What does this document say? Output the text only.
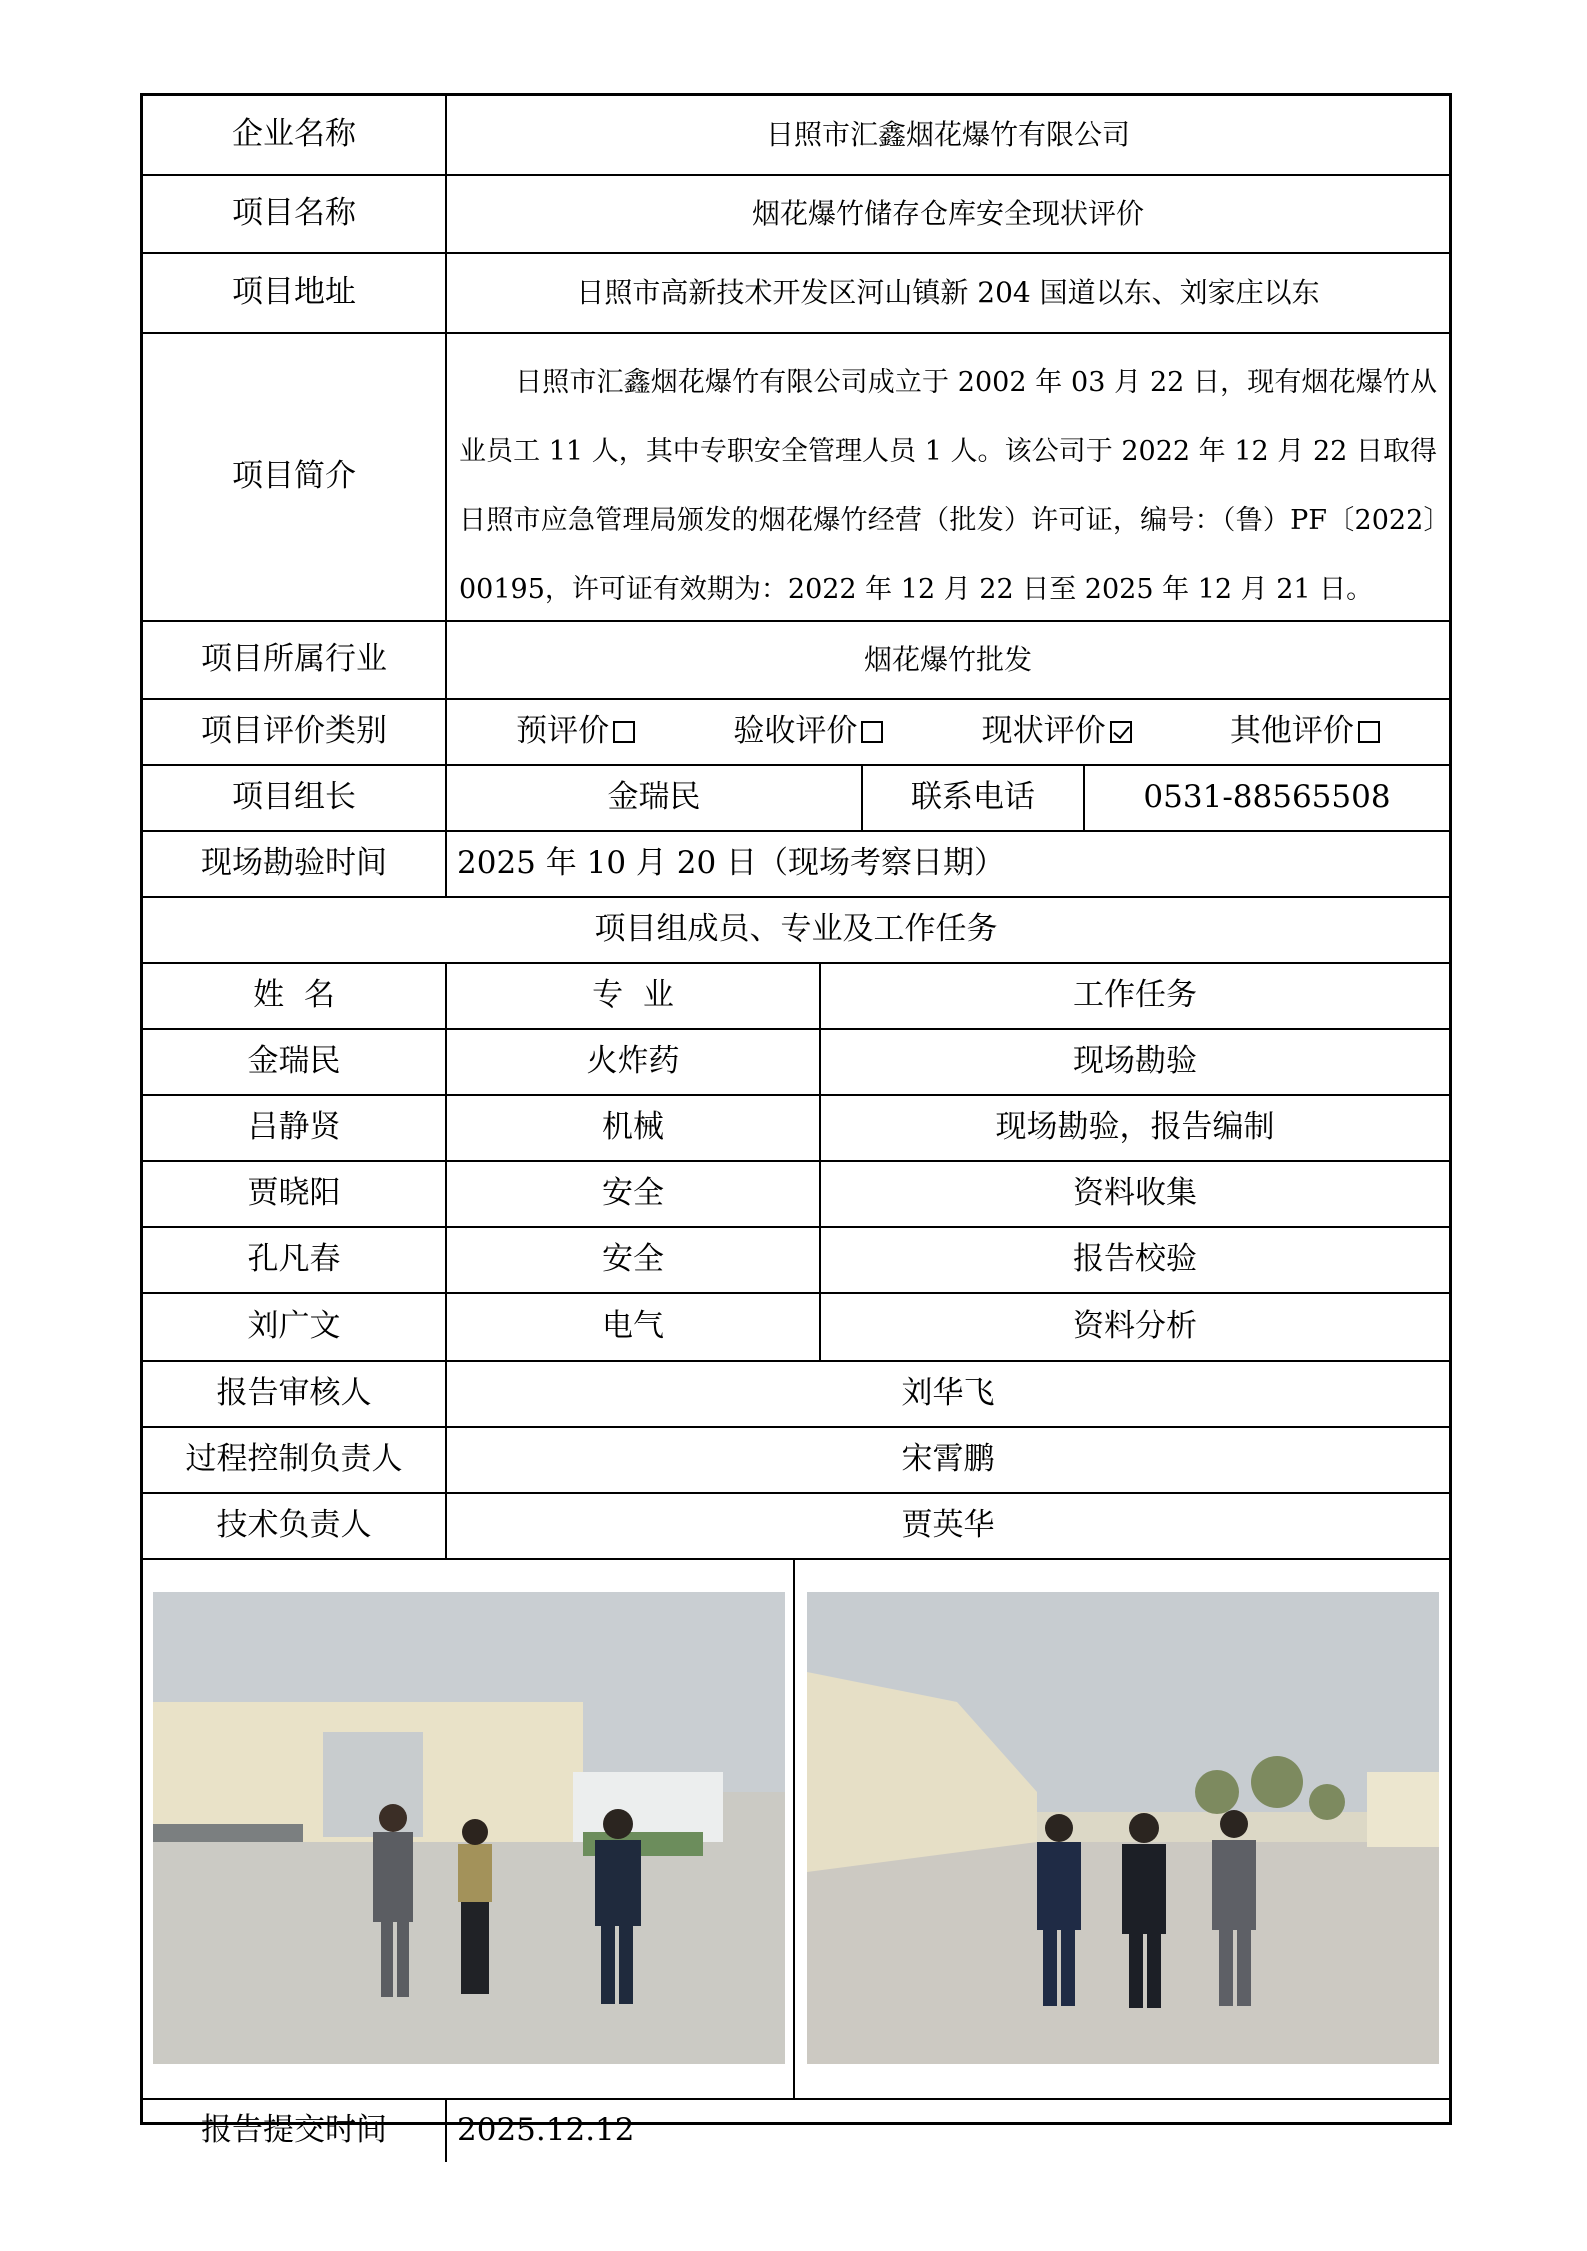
企业名称	日照市汇鑫烟花爆竹有限公司
项目名称	烟花爆竹储存仓库安全现状评价
项目地址	日照市高新技术开发区河山镇新 204 国道以东、刘家庄以东
项目简介
日照市汇鑫烟花爆竹有限公司成立于 2002 年 03 月 22 日，现有烟花爆竹从业员工 11 人，其中专职安全管理人员 1 人。该公司于 2022 年 12 月 22 日取得日照市应急管理局颁发的烟花爆竹经营（批发）许可证，编号：（鲁）PF〔2022〕00195，许可证有效期为：2022 年 12 月 22 日至 2025 年 12 月 21 日。
项目所属行业	烟花爆竹批发
项目评价类别	预评价	验收评价	现状评价	其他评价
项目组长	金瑞民	联系电话	0531-88565508
现场勘验时间	2025 年 10 月 20 日（现场考察日期）
项目组成员、专业及工作任务
姓  名	专  业	工作任务
金瑞民	火炸药	现场勘验
吕静贤	机械	现场勘验，报告编制
贾晓阳	安全	资料收集
孔凡春	安全	报告校验
刘广文	电气	资料分析
报告审核人	刘华飞
过程控制负责人	宋霄鹏
技术负责人	贾英华
报告提交时间	2025.12.12
